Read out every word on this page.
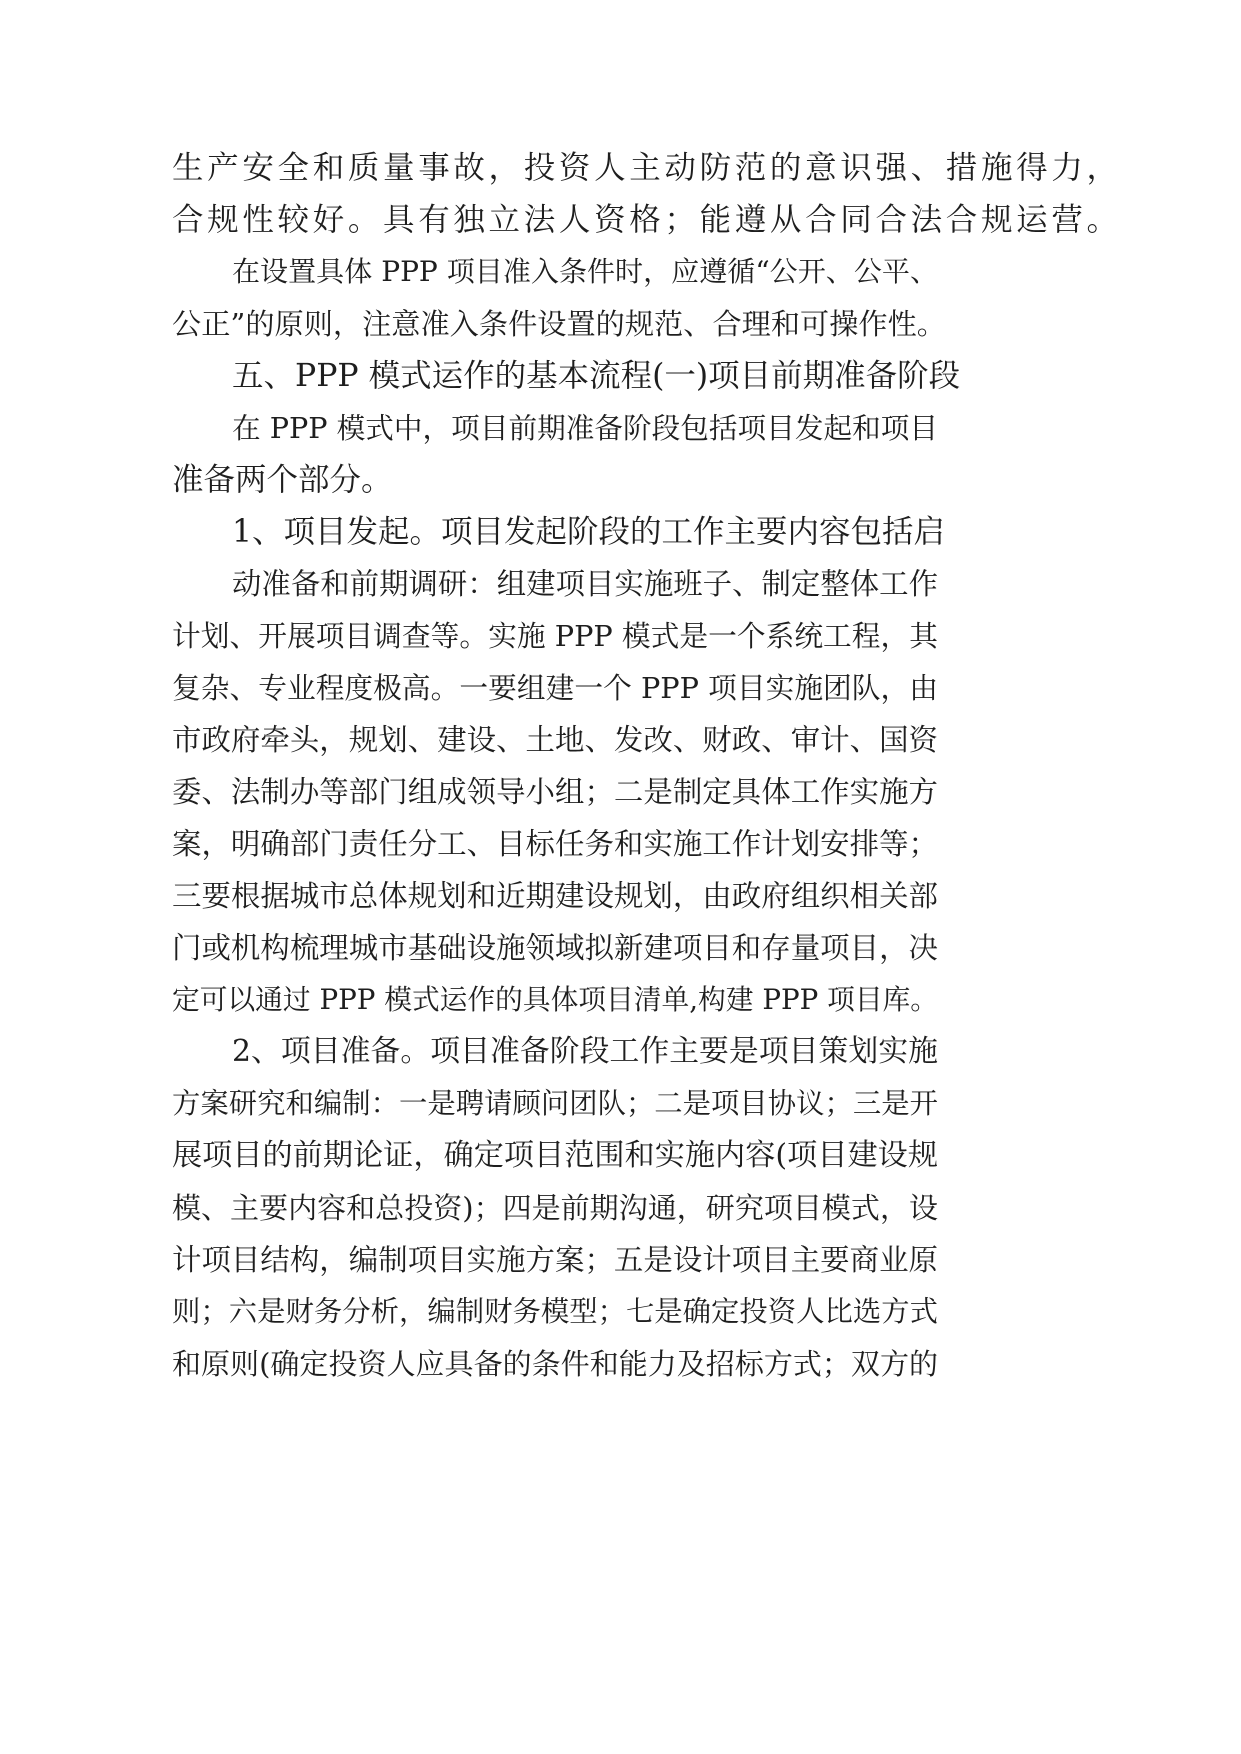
生产安全和质量事故，投资人主动防范的意识强、措施得力，
合规性较好。具有独立法人资格；能遵从合同合法合规运营。
在设置具体 PPP 项目准入条件时，应遵循“公开、公平、
公正”的原则，注意准入条件设置的规范、合理和可操作性。
五、PPP 模式运作的基本流程(一)项目前期准备阶段
在 PPP 模式中，项目前期准备阶段包括项目发起和项目
准备两个部分。
1、项目发起。项目发起阶段的工作主要内容包括启
动准备和前期调研：组建项目实施班子、制定整体工作
计划、开展项目调查等。实施 PPP 模式是一个系统工程，其
复杂、专业程度极高。一要组建一个 PPP 项目实施团队，由
市政府牵头，规划、建设、土地、发改、财政、审计、国资
委、法制办等部门组成领导小组；二是制定具体工作实施方
案，明确部门责任分工、目标任务和实施工作计划安排等；
三要根据城市总体规划和近期建设规划，由政府组织相关部
门或机构梳理城市基础设施领域拟新建项目和存量项目，决
定可以通过 PPP 模式运作的具体项目清单,构建 PPP 项目库。
2、项目准备。项目准备阶段工作主要是项目策划实施
方案研究和编制：一是聘请顾问团队；二是项目协议；三是开
展项目的前期论证，确定项目范围和实施内容(项目建设规
模、主要内容和总投资)；四是前期沟通，研究项目模式，设
计项目结构，编制项目实施方案；五是设计项目主要商业原
则；六是财务分析，编制财务模型；七是确定投资人比选方式
和原则(确定投资人应具备的条件和能力及招标方式；双方的
